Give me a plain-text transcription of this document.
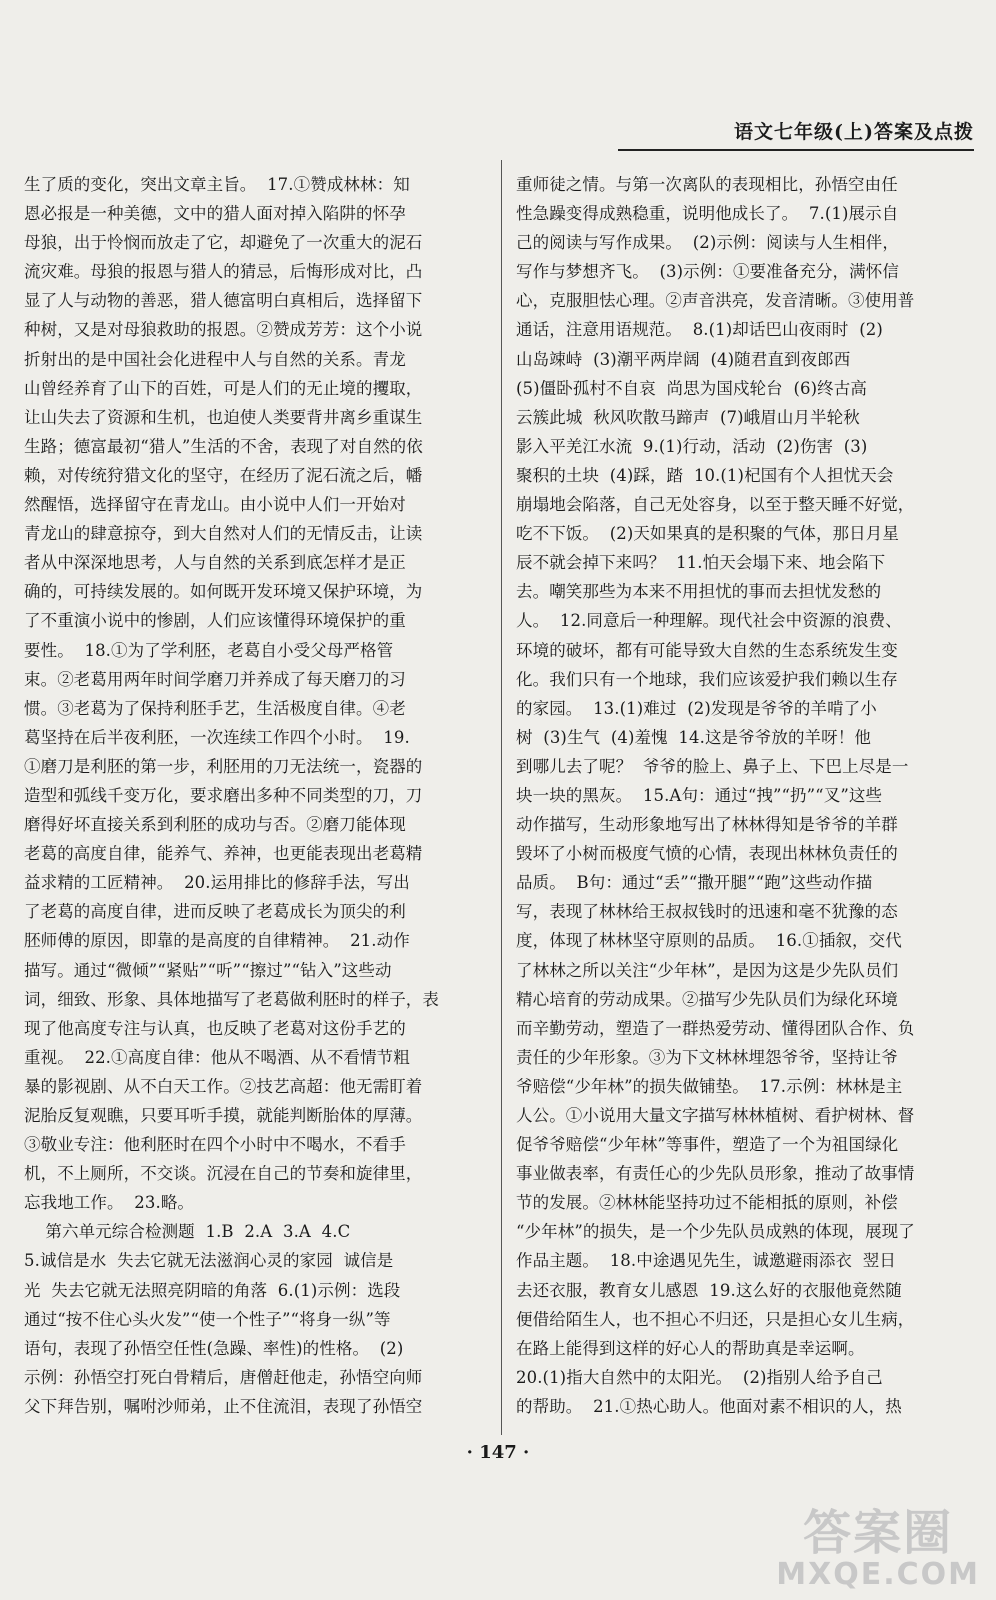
语文七年级(上)答案及点拨
生了质的变化，突出文章主旨。  17.①赞成林林：知
恩必报是一种美德，文中的猎人面对掉入陷阱的怀孕
母狼，出于怜悯而放走了它，却避免了一次重大的泥石
流灾难。母狼的报恩与猎人的猜忌，后悔形成对比，凸
显了人与动物的善恶，猎人德富明白真相后，选择留下
种树，又是对母狼救助的报恩。②赞成芳芳：这个小说
折射出的是中国社会化进程中人与自然的关系。青龙
山曾经养育了山下的百姓，可是人们的无止境的攫取，
让山失去了资源和生机，也迫使人类要背井离乡重谋生
生路；德富最初“猎人”生活的不舍，表现了对自然的依
赖，对传统狩猎文化的坚守，在经历了泥石流之后，幡
然醒悟，选择留守在青龙山。由小说中人们一开始对
青龙山的肆意掠夺，到大自然对人们的无情反击，让读
者从中深深地思考，人与自然的关系到底怎样才是正
确的，可持续发展的。如何既开发环境又保护环境，为
了不重演小说中的惨剧，人们应该懂得环境保护的重
要性。  18.①为了学利胚，老葛自小受父母严格管
束。②老葛用两年时间学磨刀并养成了每天磨刀的习
惯。③老葛为了保持利胚手艺，生活极度自律。④老
葛坚持在后半夜利胚，一次连续工作四个小时。  19.
①磨刀是利胚的第一步，利胚用的刀无法统一，瓷器的
造型和弧线千变万化，要求磨出多种不同类型的刀，刀
磨得好坏直接关系到利胚的成功与否。②磨刀能体现
老葛的高度自律，能养气、养神，也更能表现出老葛精
益求精的工匠精神。  20.运用排比的修辞手法，写出
了老葛的高度自律，进而反映了老葛成长为顶尖的利
胚师傅的原因，即靠的是高度的自律精神。  21.动作
描写。通过“微倾”“紧贴”“听”“擦过”“钻入”这些动
词，细致、形象、具体地描写了老葛做利胚时的样子，表
现了他高度专注与认真，也反映了老葛对这份手艺的
重视。  22.①高度自律：他从不喝酒、从不看情节粗
暴的影视剧、从不白天工作。②技艺高超：他无需盯着
泥胎反复观瞧，只要耳听手摸，就能判断胎体的厚薄。
③敬业专注：他利胚时在四个小时中不喝水，不看手
机，不上厕所，不交谈。沉浸在自己的节奏和旋律里，
忘我地工作。  23.略。
第六单元综合检测题  1.B  2.A  3.A  4.C
5.诚信是水  失去它就无法滋润心灵的家园  诚信是
光  失去它就无法照亮阴暗的角落  6.(1)示例：选段
通过“按不住心头火发”“使一个性子”“将身一纵”等
语句，表现了孙悟空任性(急躁、率性)的性格。  (2)
示例：孙悟空打死白骨精后，唐僧赶他走，孙悟空向师
父下拜告别，嘱咐沙师弟，止不住流泪，表现了孙悟空
重师徒之情。与第一次离队的表现相比，孙悟空由任
性急躁变得成熟稳重，说明他成长了。  7.(1)展示自
己的阅读与写作成果。  (2)示例：阅读与人生相伴，
写作与梦想齐飞。  (3)示例：①要准备充分，满怀信
心，克服胆怯心理。②声音洪亮，发音清晰。③使用普
通话，注意用语规范。  8.(1)却话巴山夜雨时  (2)
山岛竦峙  (3)潮平两岸阔  (4)随君直到夜郎西
(5)僵卧孤村不自哀  尚思为国戍轮台  (6)终古高
云簇此城  秋风吹散马蹄声  (7)峨眉山月半轮秋
影入平羌江水流  9.(1)行动，活动  (2)伤害  (3)
聚积的土块  (4)踩，踏  10.(1)杞国有个人担忧天会
崩塌地会陷落，自己无处容身，以至于整天睡不好觉，
吃不下饭。  (2)天如果真的是积聚的气体，那日月星
辰不就会掉下来吗？  11.怕天会塌下来、地会陷下
去。嘲笑那些为本来不用担忧的事而去担忧发愁的
人。  12.同意后一种理解。现代社会中资源的浪费、
环境的破坏，都有可能导致大自然的生态系统发生变
化。我们只有一个地球，我们应该爱护我们赖以生存
的家园。  13.(1)难过  (2)发现是爷爷的羊啃了小
树  (3)生气  (4)羞愧  14.这是爷爷放的羊呀！他
到哪儿去了呢？  爷爷的脸上、鼻子上、下巴上尽是一
块一块的黑灰。  15.A句：通过“拽”“扔”“叉”这些
动作描写，生动形象地写出了林林得知是爷爷的羊群
毁坏了小树而极度气愤的心情，表现出林林负责任的
品质。  B句：通过“丢”“撒开腿”“跑”这些动作描
写，表现了林林给王叔叔钱时的迅速和毫不犹豫的态
度，体现了林林坚守原则的品质。  16.①插叙，交代
了林林之所以关注“少年林”，是因为这是少先队员们
精心培育的劳动成果。②描写少先队员们为绿化环境
而辛勤劳动，塑造了一群热爱劳动、懂得团队合作、负
责任的少年形象。③为下文林林埋怨爷爷，坚持让爷
爷赔偿“少年林”的损失做铺垫。  17.示例：林林是主
人公。①小说用大量文字描写林林植树、看护树林、督
促爷爷赔偿“少年林”等事件，塑造了一个为祖国绿化
事业做表率，有责任心的少先队员形象，推动了故事情
节的发展。②林林能坚持功过不能相抵的原则，补偿
“少年林”的损失，是一个少先队员成熟的体现，展现了
作品主题。  18.中途遇见先生，诚邀避雨添衣  翌日
去还衣服，教育女儿感恩  19.这么好的衣服他竟然随
便借给陌生人，也不担心不归还，只是担心女儿生病，
在路上能得到这样的好心人的帮助真是幸运啊。
20.(1)指大自然中的太阳光。  (2)指别人给予自己
的帮助。  21.①热心助人。他面对素不相识的人，热
· 147 ·
答案圈
MXQE.COM
